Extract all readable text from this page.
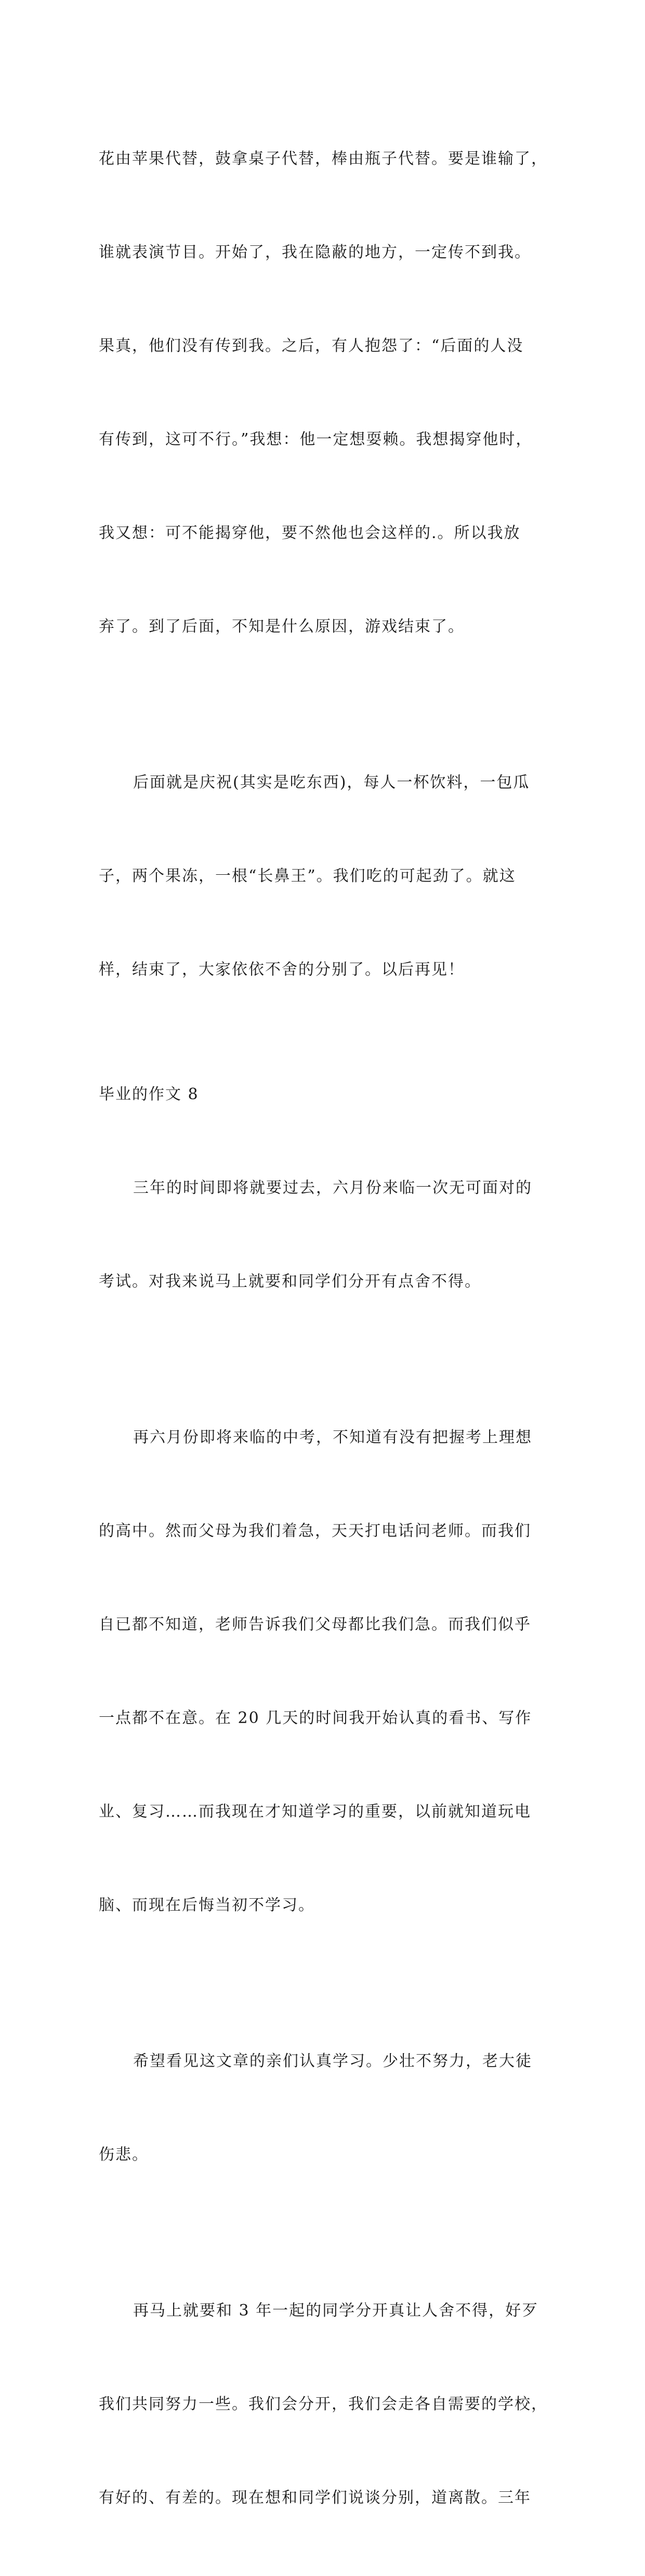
花由苹果代替，鼓拿桌子代替，棒由瓶子代替。要是谁输了，

谁就表演节目。开始了，我在隐蔽的地方，一定传不到我。

果真，他们没有传到我。之后，有人抱怨了：“后面的人没

有传到，这可不行。”我想：他一定想耍赖。我想揭穿他时，

我又想：可不能揭穿他，要不然他也会这样的.。所以我放

弃了。到了后面，不知是什么原因，游戏结束了。

后面就是庆祝(其实是吃东西)，每人一杯饮料，一包瓜

子，两个果冻，一根“长鼻王”。我们吃的可起劲了。就这

样，结束了，大家依依不舍的分别了。以后再见！

毕业的作文 8

三年的时间即将就要过去，六月份来临一次无可面对的

考试。对我来说马上就要和同学们分开有点舍不得。

再六月份即将来临的中考，不知道有没有把握考上理想

的高中。然而父母为我们着急，天天打电话问老师。而我们

自已都不知道，老师告诉我们父母都比我们急。而我们似乎

一点都不在意。在 20 几天的时间我开始认真的看书、写作

业、复习……而我现在才知道学习的重要，以前就知道玩电

脑、而现在后悔当初不学习。

希望看见这文章的亲们认真学习。少壮不努力，老大徒

伤悲。

再马上就要和 3 年一起的同学分开真让人舍不得，好歹

我们共同努力一些。我们会分开，我们会走各自需要的学校，

有好的、有差的。现在想和同学们说谈分别，道离散。三年
